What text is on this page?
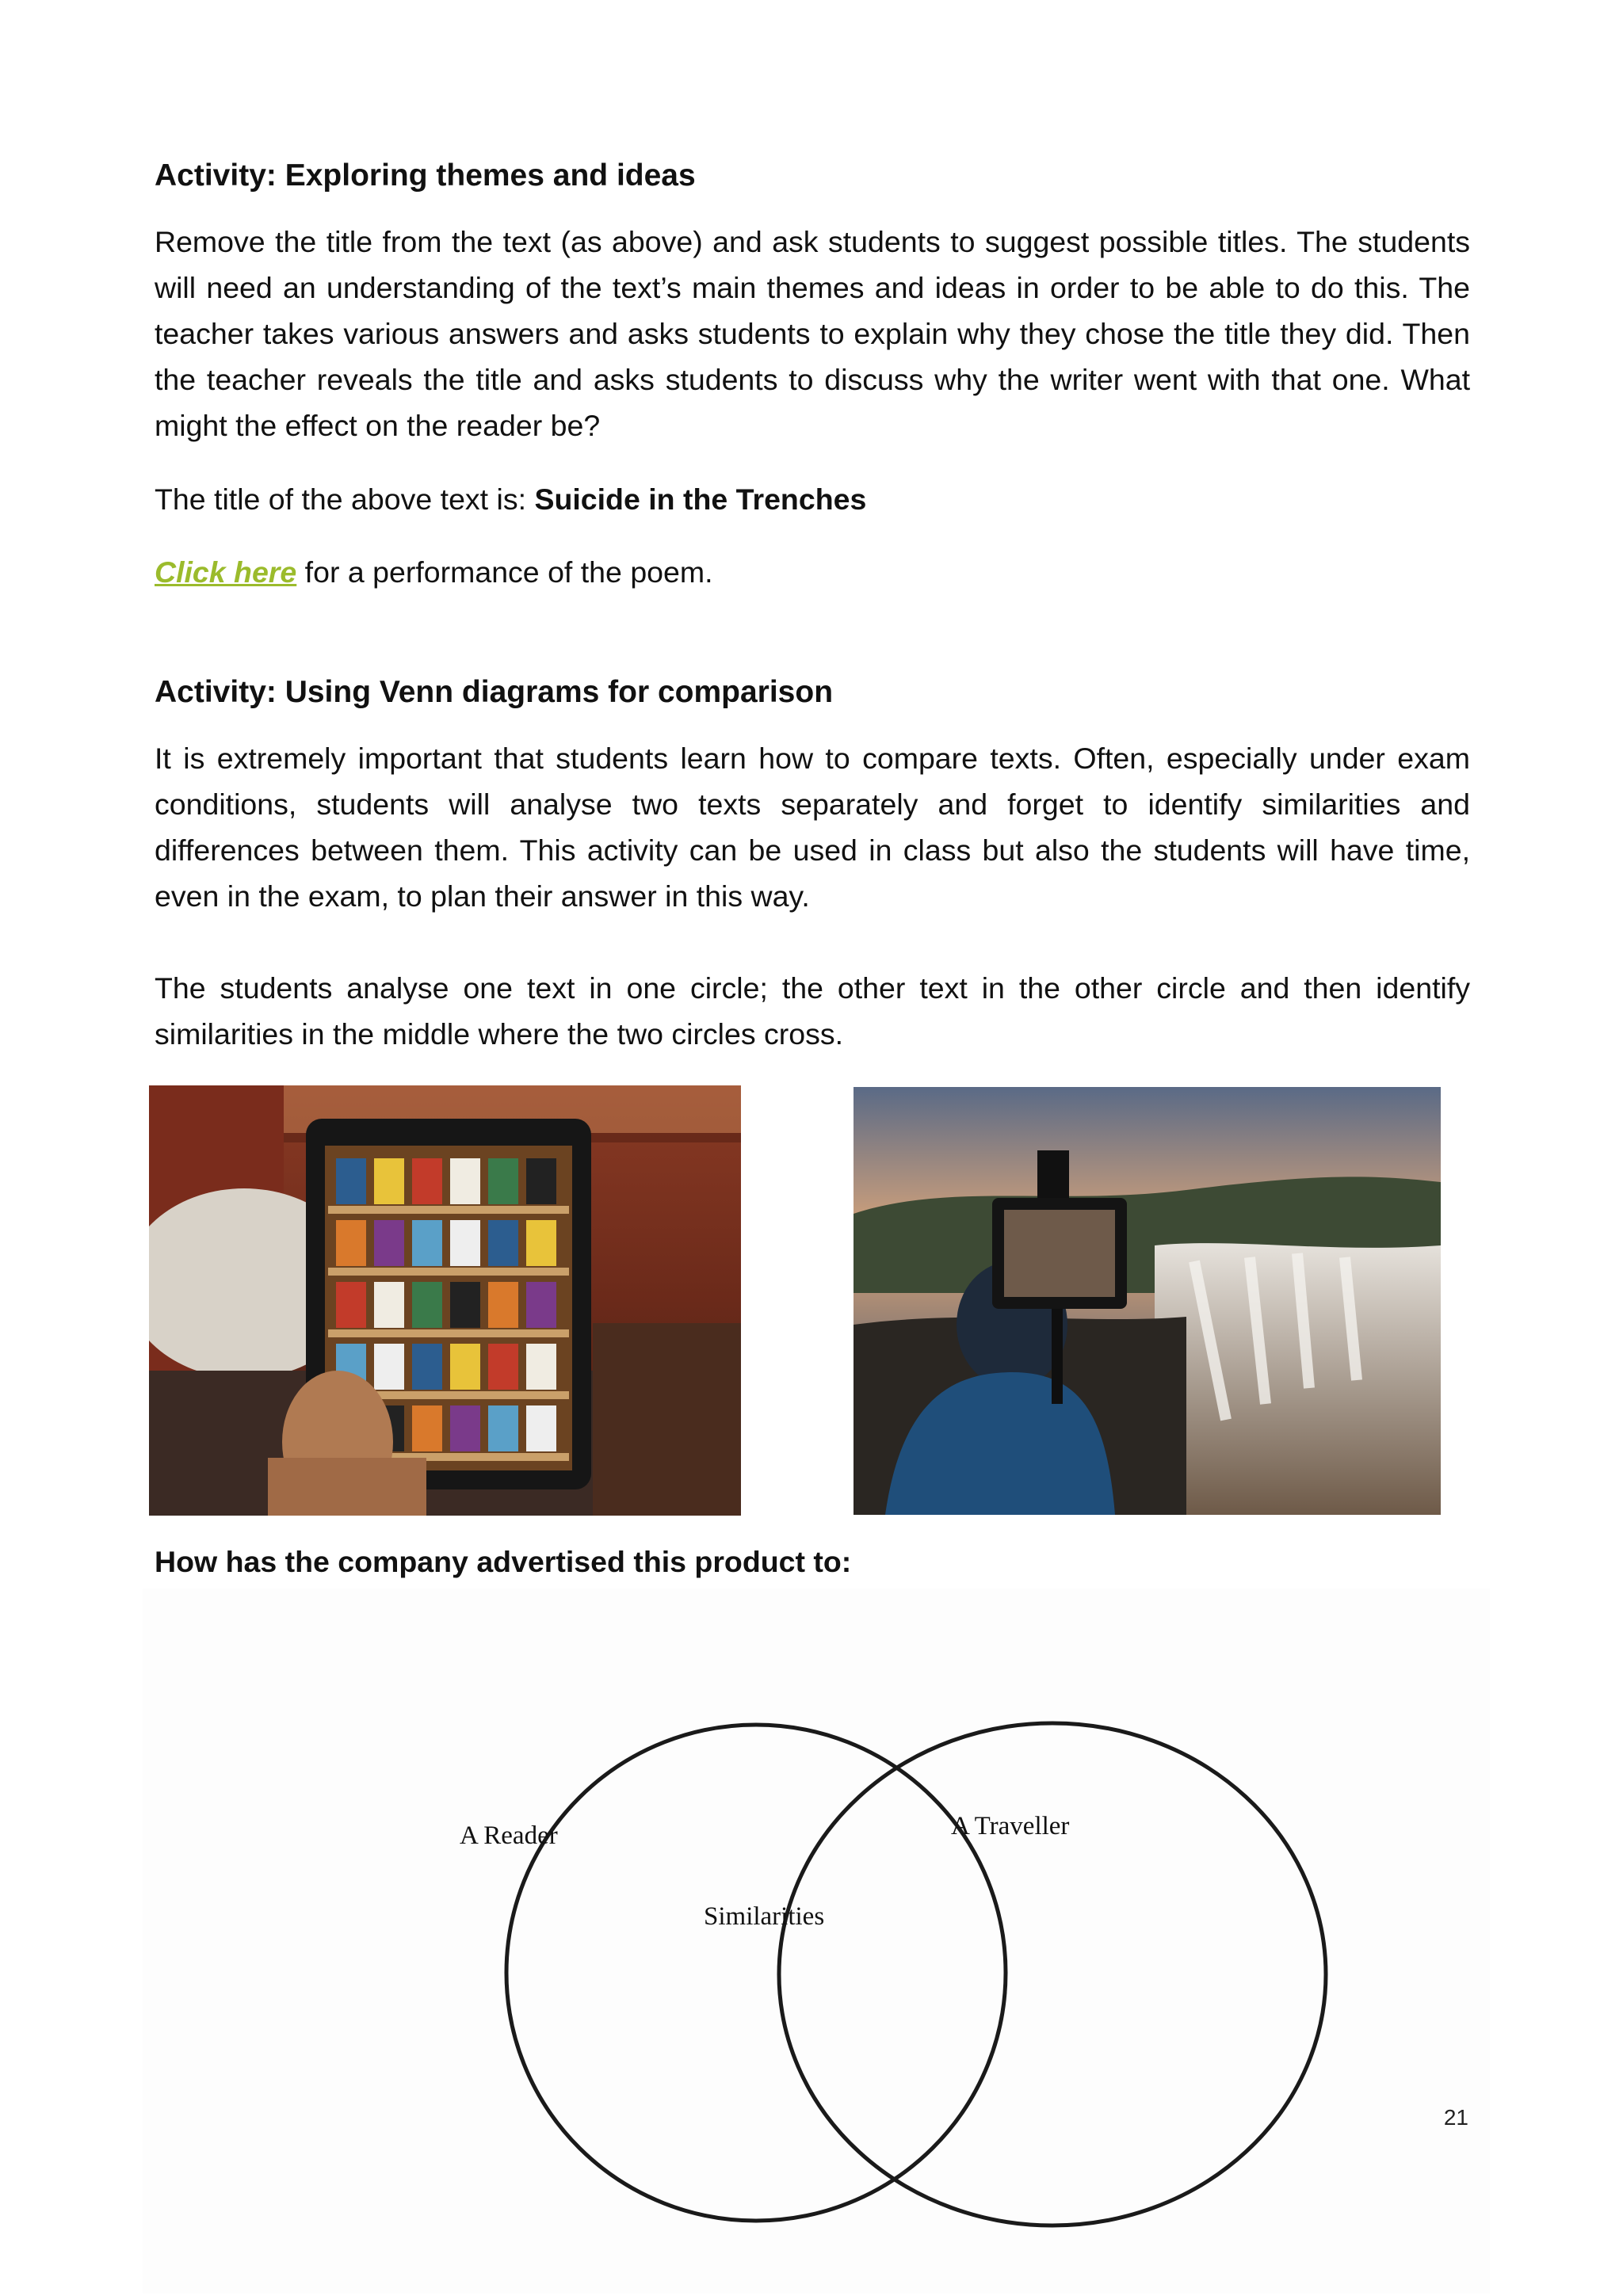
Activity: Exploring themes and ideas

Remove the title from the text (as above) and ask students to suggest possible titles. The students will need an understanding of the text’s main themes and ideas in order to be able to do this. The teacher takes various answers and asks students to explain why they chose the title they did. Then the teacher reveals the title and asks students to discuss why the writer went with that one. What might the effect on the reader be?

The title of the above text is: Suicide in the Trenches

Click here for a performance of the poem.

Activity: Using Venn diagrams for comparison

It is extremely important that students learn how to compare texts. Often, especially under exam conditions, students will analyse two texts separately and forget to identify similarities and differences between them. This activity can be used in class but also the students will have time, even in the exam, to plan their answer in this way.

The students analyse one text in one circle; the other text in the other circle and then identify similarities in the middle where the two circles cross.

How has the company advertised this product to:

A Reader	A Traveller
Similarities
21
